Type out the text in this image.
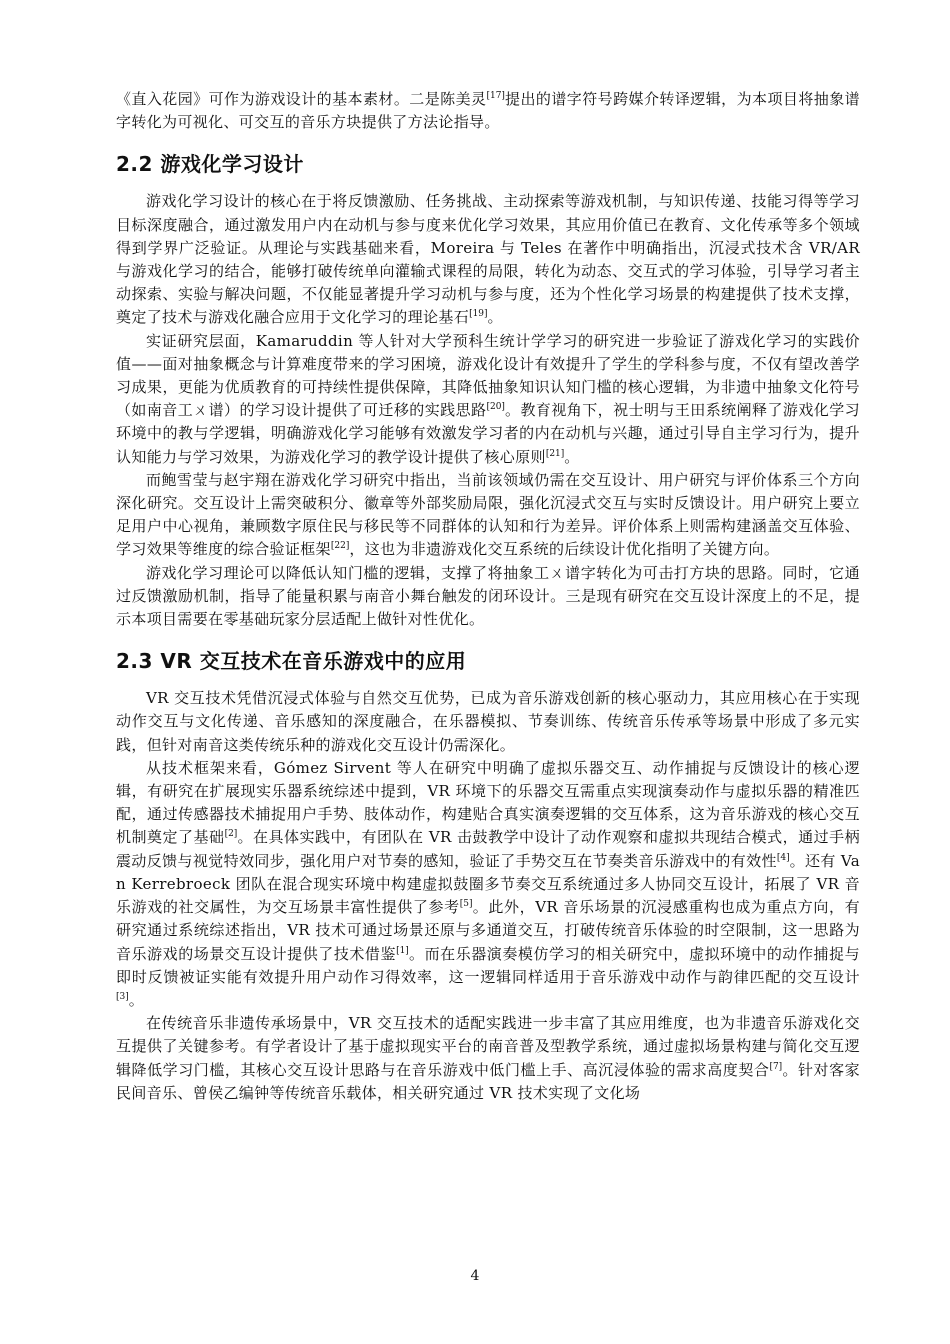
《直入花园》可作为游戏设计的基本素材。二是陈美灵[17]提出的谱字符号跨媒介转译逻辑，为本项目将抽象谱字转化为可视化、可交互的音乐方块提供了方法论指导。

2.2 游戏化学习设计

游戏化学习设计的核心在于将反馈激励、任务挑战、主动探索等游戏机制，与知识传递、技能习得等学习目标深度融合，通过激发用户内在动机与参与度来优化学习效果，其应用价值已在教育、文化传承等多个领域得到学界广泛验证。从理论与实践基础来看，Moreira 与 Teles 在著作中明确指出，沉浸式技术含 VR/AR 与游戏化学习的结合，能够打破传统单向灌输式课程的局限，转化为动态、交互式的学习体验，引导学习者主动探索、实验与解决问题，不仅能显著提升学习动机与参与度，还为个性化学习场景的构建提供了技术支撑，奠定了技术与游戏化融合应用于文化学习的理论基石[19]。

实证研究层面，Kamaruddin 等人针对大学预科生统计学学习的研究进一步验证了游戏化学习的实践价值——面对抽象概念与计算难度带来的学习困境，游戏化设计有效提升了学生的学科参与度，不仅有望改善学习成果，更能为优质教育的可持续性提供保障，其降低抽象知识认知门槛的核心逻辑，为非遗中抽象文化符号（如南音工ㄨ谱）的学习设计提供了可迁移的实践思路[20]。教育视角下，祝士明与王田系统阐释了游戏化学习环境中的教与学逻辑，明确游戏化学习能够有效激发学习者的内在动机与兴趣，通过引导自主学习行为，提升认知能力与学习效果，为游戏化学习的教学设计提供了核心原则[21]。

而鲍雪莹与赵宇翔在游戏化学习研究中指出，当前该领域仍需在交互设计、用户研究与评价体系三个方向深化研究。交互设计上需突破积分、徽章等外部奖励局限，强化沉浸式交互与实时反馈设计。用户研究上要立足用户中心视角，兼顾数字原住民与移民等不同群体的认知和行为差异。评价体系上则需构建涵盖交互体验、学习效果等维度的综合验证框架[22]，这也为非遗游戏化交互系统的后续设计优化指明了关键方向。

游戏化学习理论可以降低认知门槛的逻辑，支撑了将抽象工ㄨ谱字转化为可击打方块的思路。同时，它通过反馈激励机制，指导了能量积累与南音小舞台触发的闭环设计。三是现有研究在交互设计深度上的不足，提示本项目需要在零基础玩家分层适配上做针对性优化。

2.3 VR 交互技术在音乐游戏中的应用

VR 交互技术凭借沉浸式体验与自然交互优势，已成为音乐游戏创新的核心驱动力，其应用核心在于实现动作交互与文化传递、音乐感知的深度融合，在乐器模拟、节奏训练、传统音乐传承等场景中形成了多元实践，但针对南音这类传统乐种的游戏化交互设计仍需深化。

从技术框架来看，Gómez Sirvent 等人在研究中明确了虚拟乐器交互、动作捕捉与反馈设计的核心逻辑，有研究在扩展现实乐器系统综述中提到，VR 环境下的乐器交互需重点实现演奏动作与虚拟乐器的精准匹配，通过传感器技术捕捉用户手势、肢体动作，构建贴合真实演奏逻辑的交互体系，这为音乐游戏的核心交互机制奠定了基础[2]。在具体实践中，有团队在 VR 击鼓教学中设计了动作观察和虚拟共现结合模式，通过手柄震动反馈与视觉特效同步，强化用户对节奏的感知，验证了手势交互在节奏类音乐游戏中的有效性[4]。还有 Van Kerrebroeck 团队在混合现实环境中构建虚拟鼓圈多节奏交互系统通过多人协同交互设计，拓展了 VR 音乐游戏的社交属性，为交互场景丰富性提供了参考[5]。此外，VR 音乐场景的沉浸感重构也成为重点方向，有研究通过系统综述指出，VR 技术可通过场景还原与多通道交互，打破传统音乐体验的时空限制，这一思路为音乐游戏的场景交互设计提供了技术借鉴[1]。而在乐器演奏模仿学习的相关研究中，虚拟环境中的动作捕捉与即时反馈被证实能有效提升用户动作习得效率，这一逻辑同样适用于音乐游戏中动作与韵律匹配的交互设计[3]。

在传统音乐非遗传承场景中，VR 交互技术的适配实践进一步丰富了其应用维度，也为非遗音乐游戏化交互提供了关键参考。有学者设计了基于虚拟现实平台的南音普及型教学系统，通过虚拟场景构建与简化交互逻辑降低学习门槛，其核心交互设计思路与在音乐游戏中低门槛上手、高沉浸体验的需求高度契合[7]。针对客家民间音乐、曾侯乙编钟等传统音乐载体，相关研究通过 VR 技术实现了文化场

4
